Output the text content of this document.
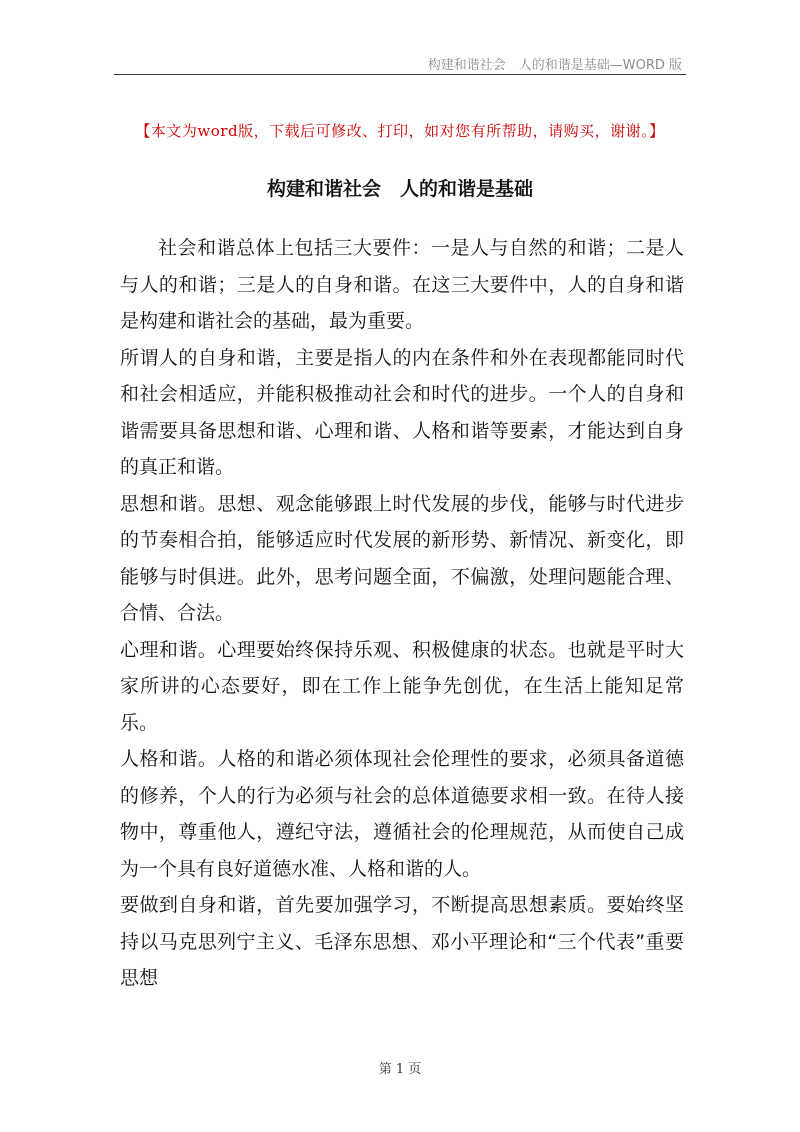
构建和谐社会　人的和谐是基础—WORD 版
【本文为word版，下载后可修改、打印，如对您有所帮助，请购买，谢谢。】
构建和谐社会　人的和谐是基础

社会和谐总体上包括三大要件：一是人与自然的和谐；二是人与人的和谐；三是人的自身和谐。在这三大要件中，人的自身和谐是构建和谐社会的基础，最为重要。

所谓人的自身和谐，主要是指人的内在条件和外在表现都能同时代和社会相适应，并能积极推动社会和时代的进步。一个人的自身和谐需要具备思想和谐、心理和谐、人格和谐等要素，才能达到自身的真正和谐。

思想和谐。思想、观念能够跟上时代发展的步伐，能够与时代进步的节奏相合拍，能够适应时代发展的新形势、新情况、新变化，即能够与时俱进。此外，思考问题全面，不偏激，处理问题能合理、合情、合法。

心理和谐。心理要始终保持乐观、积极健康的状态。也就是平时大家所讲的心态要好，即在工作上能争先创优，在生活上能知足常乐。

人格和谐。人格的和谐必须体现社会伦理性的要求，必须具备道德的修养，个人的行为必须与社会的总体道德要求相一致。在待人接物中，尊重他人，遵纪守法，遵循社会的伦理规范，从而使自己成为一个具有良好道德水准、人格和谐的人。

要做到自身和谐，首先要加强学习，不断提高思想素质。要始终坚持以马克思列宁主义、毛泽东思想、邓小平理论和“三个代表”重要思想

第 1 页
